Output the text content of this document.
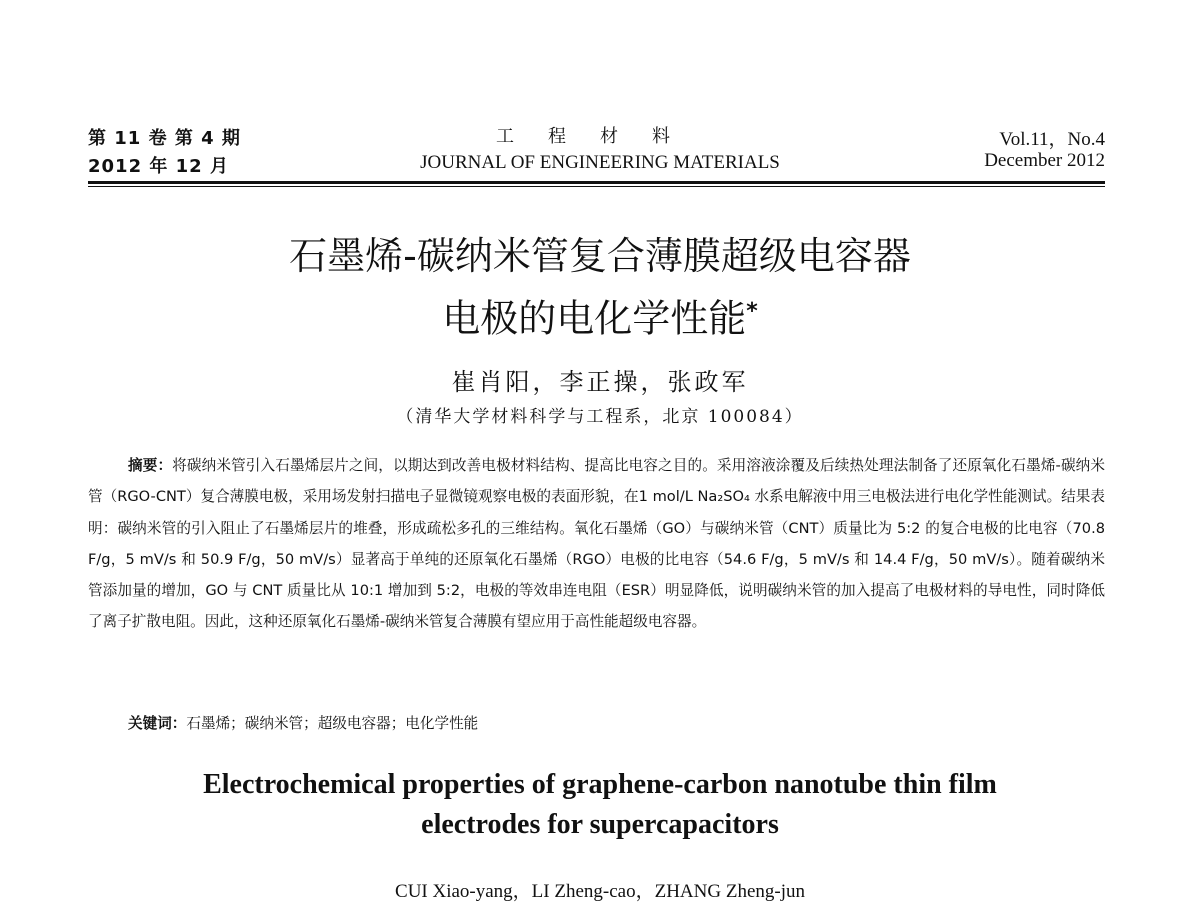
第 11 卷 第 4 期
2012 年 12 月
工程材料
JOURNAL OF ENGINEERING MATERIALS
Vol.11，No.4
December 2012
石墨烯-碳纳米管复合薄膜超级电容器
电极的电化学性能*
崔肖阳，李正操，张政军
（清华大学材料科学与工程系，北京 100084）
摘要：将碳纳米管引入石墨烯层片之间，以期达到改善电极材料结构、提高比电容之目的。采用溶液涂覆及后续热处理法制备了还原氧化石墨烯-碳纳米管（RGO-CNT）复合薄膜电极，采用场发射扫描电子显微镜观察电极的表面形貌，在1 mol/L Na₂SO₄ 水系电解液中用三电极法进行电化学性能测试。结果表明：碳纳米管的引入阻止了石墨烯层片的堆叠，形成疏松多孔的三维结构。氧化石墨烯（GO）与碳纳米管（CNT）质量比为 5:2 的复合电极的比电容（70.8 F/g，5 mV/s 和 50.9 F/g，50 mV/s）显著高于单纯的还原氧化石墨烯（RGO）电极的比电容（54.6 F/g，5 mV/s 和 14.4 F/g，50 mV/s）。随着碳纳米管添加量的增加，GO 与 CNT 质量比从 10:1 增加到 5:2，电极的等效串连电阻（ESR）明显降低，说明碳纳米管的加入提高了电极材料的导电性，同时降低了离子扩散电阻。因此，这种还原氧化石墨烯-碳纳米管复合薄膜有望应用于高性能超级电容器。
关键词：石墨烯；碳纳米管；超级电容器；电化学性能
Electrochemical properties of graphene-carbon nanotube thin film
electrodes for supercapacitors
CUI Xiao-yang，LI Zheng-cao，ZHANG Zheng-jun
